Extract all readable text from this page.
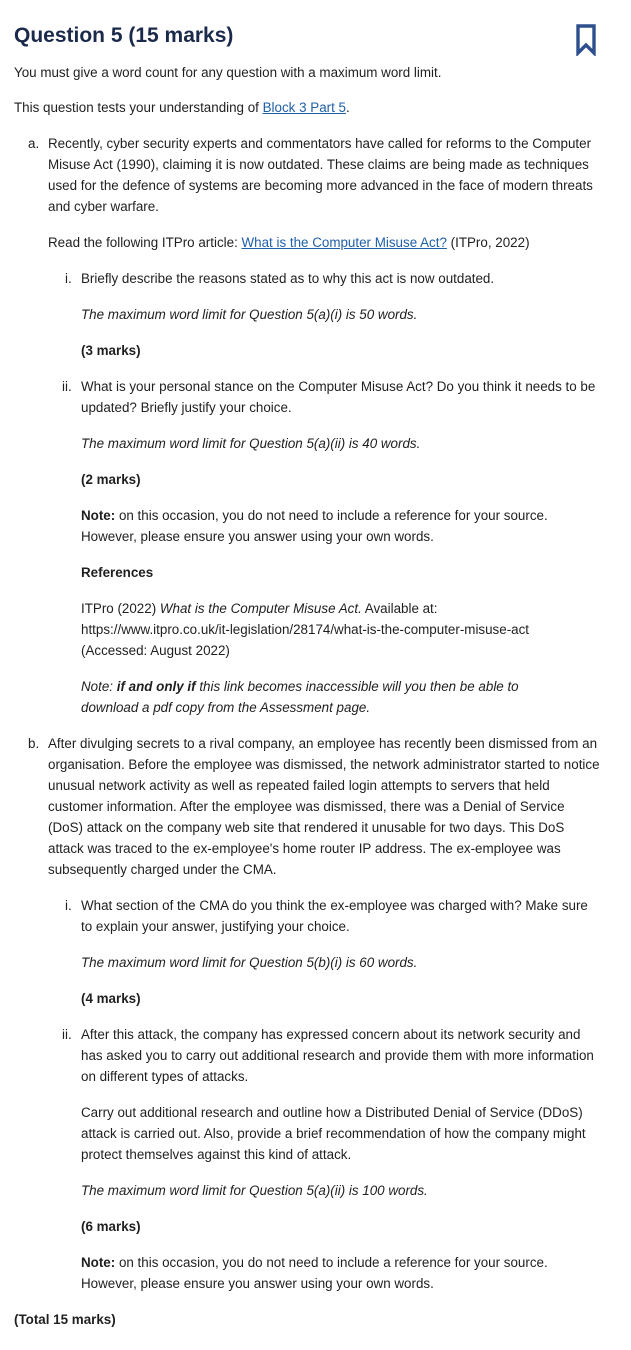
Question 5 (15 marks)

You must give a word count for any question with a maximum word limit.

This question tests your understanding of Block 3 Part 5.

a. Recently, cyber security experts and commentators have called for reforms to the Computer Misuse Act (1990), claiming it is now outdated. These claims are being made as techniques used for the defence of systems are becoming more advanced in the face of modern threats and cyber warfare.

Read the following ITPro article: What is the Computer Misuse Act? (ITPro, 2022)

i. Briefly describe the reasons stated as to why this act is now outdated.

The maximum word limit for Question 5(a)(i) is 50 words.

(3 marks)

ii. What is your personal stance on the Computer Misuse Act? Do you think it needs to be updated? Briefly justify your choice.

The maximum word limit for Question 5(a)(ii) is 40 words.

(2 marks)

Note: on this occasion, you do not need to include a reference for your source. However, please ensure you answer using your own words.

References

ITPro (2022) What is the Computer Misuse Act. Available at: https://www.itpro.co.uk/it-legislation/28174/what-is-the-computer-misuse-act (Accessed: August 2022)

Note: if and only if this link becomes inaccessible will you then be able to download a pdf copy from the Assessment page.

b. After divulging secrets to a rival company, an employee has recently been dismissed from an organisation. Before the employee was dismissed, the network administrator started to notice unusual network activity as well as repeated failed login attempts to servers that held customer information. After the employee was dismissed, there was a Denial of Service (DoS) attack on the company web site that rendered it unusable for two days. This DoS attack was traced to the ex-employee's home router IP address. The ex-employee was subsequently charged under the CMA.

i. What section of the CMA do you think the ex-employee was charged with? Make sure to explain your answer, justifying your choice.

The maximum word limit for Question 5(b)(i) is 60 words.

(4 marks)

ii. After this attack, the company has expressed concern about its network security and has asked you to carry out additional research and provide them with more information on different types of attacks.

Carry out additional research and outline how a Distributed Denial of Service (DDoS) attack is carried out. Also, provide a brief recommendation of how the company might protect themselves against this kind of attack.

The maximum word limit for Question 5(a)(ii) is 100 words.

(6 marks)

Note: on this occasion, you do not need to include a reference for your source. However, please ensure you answer using your own words.

(Total 15 marks)
